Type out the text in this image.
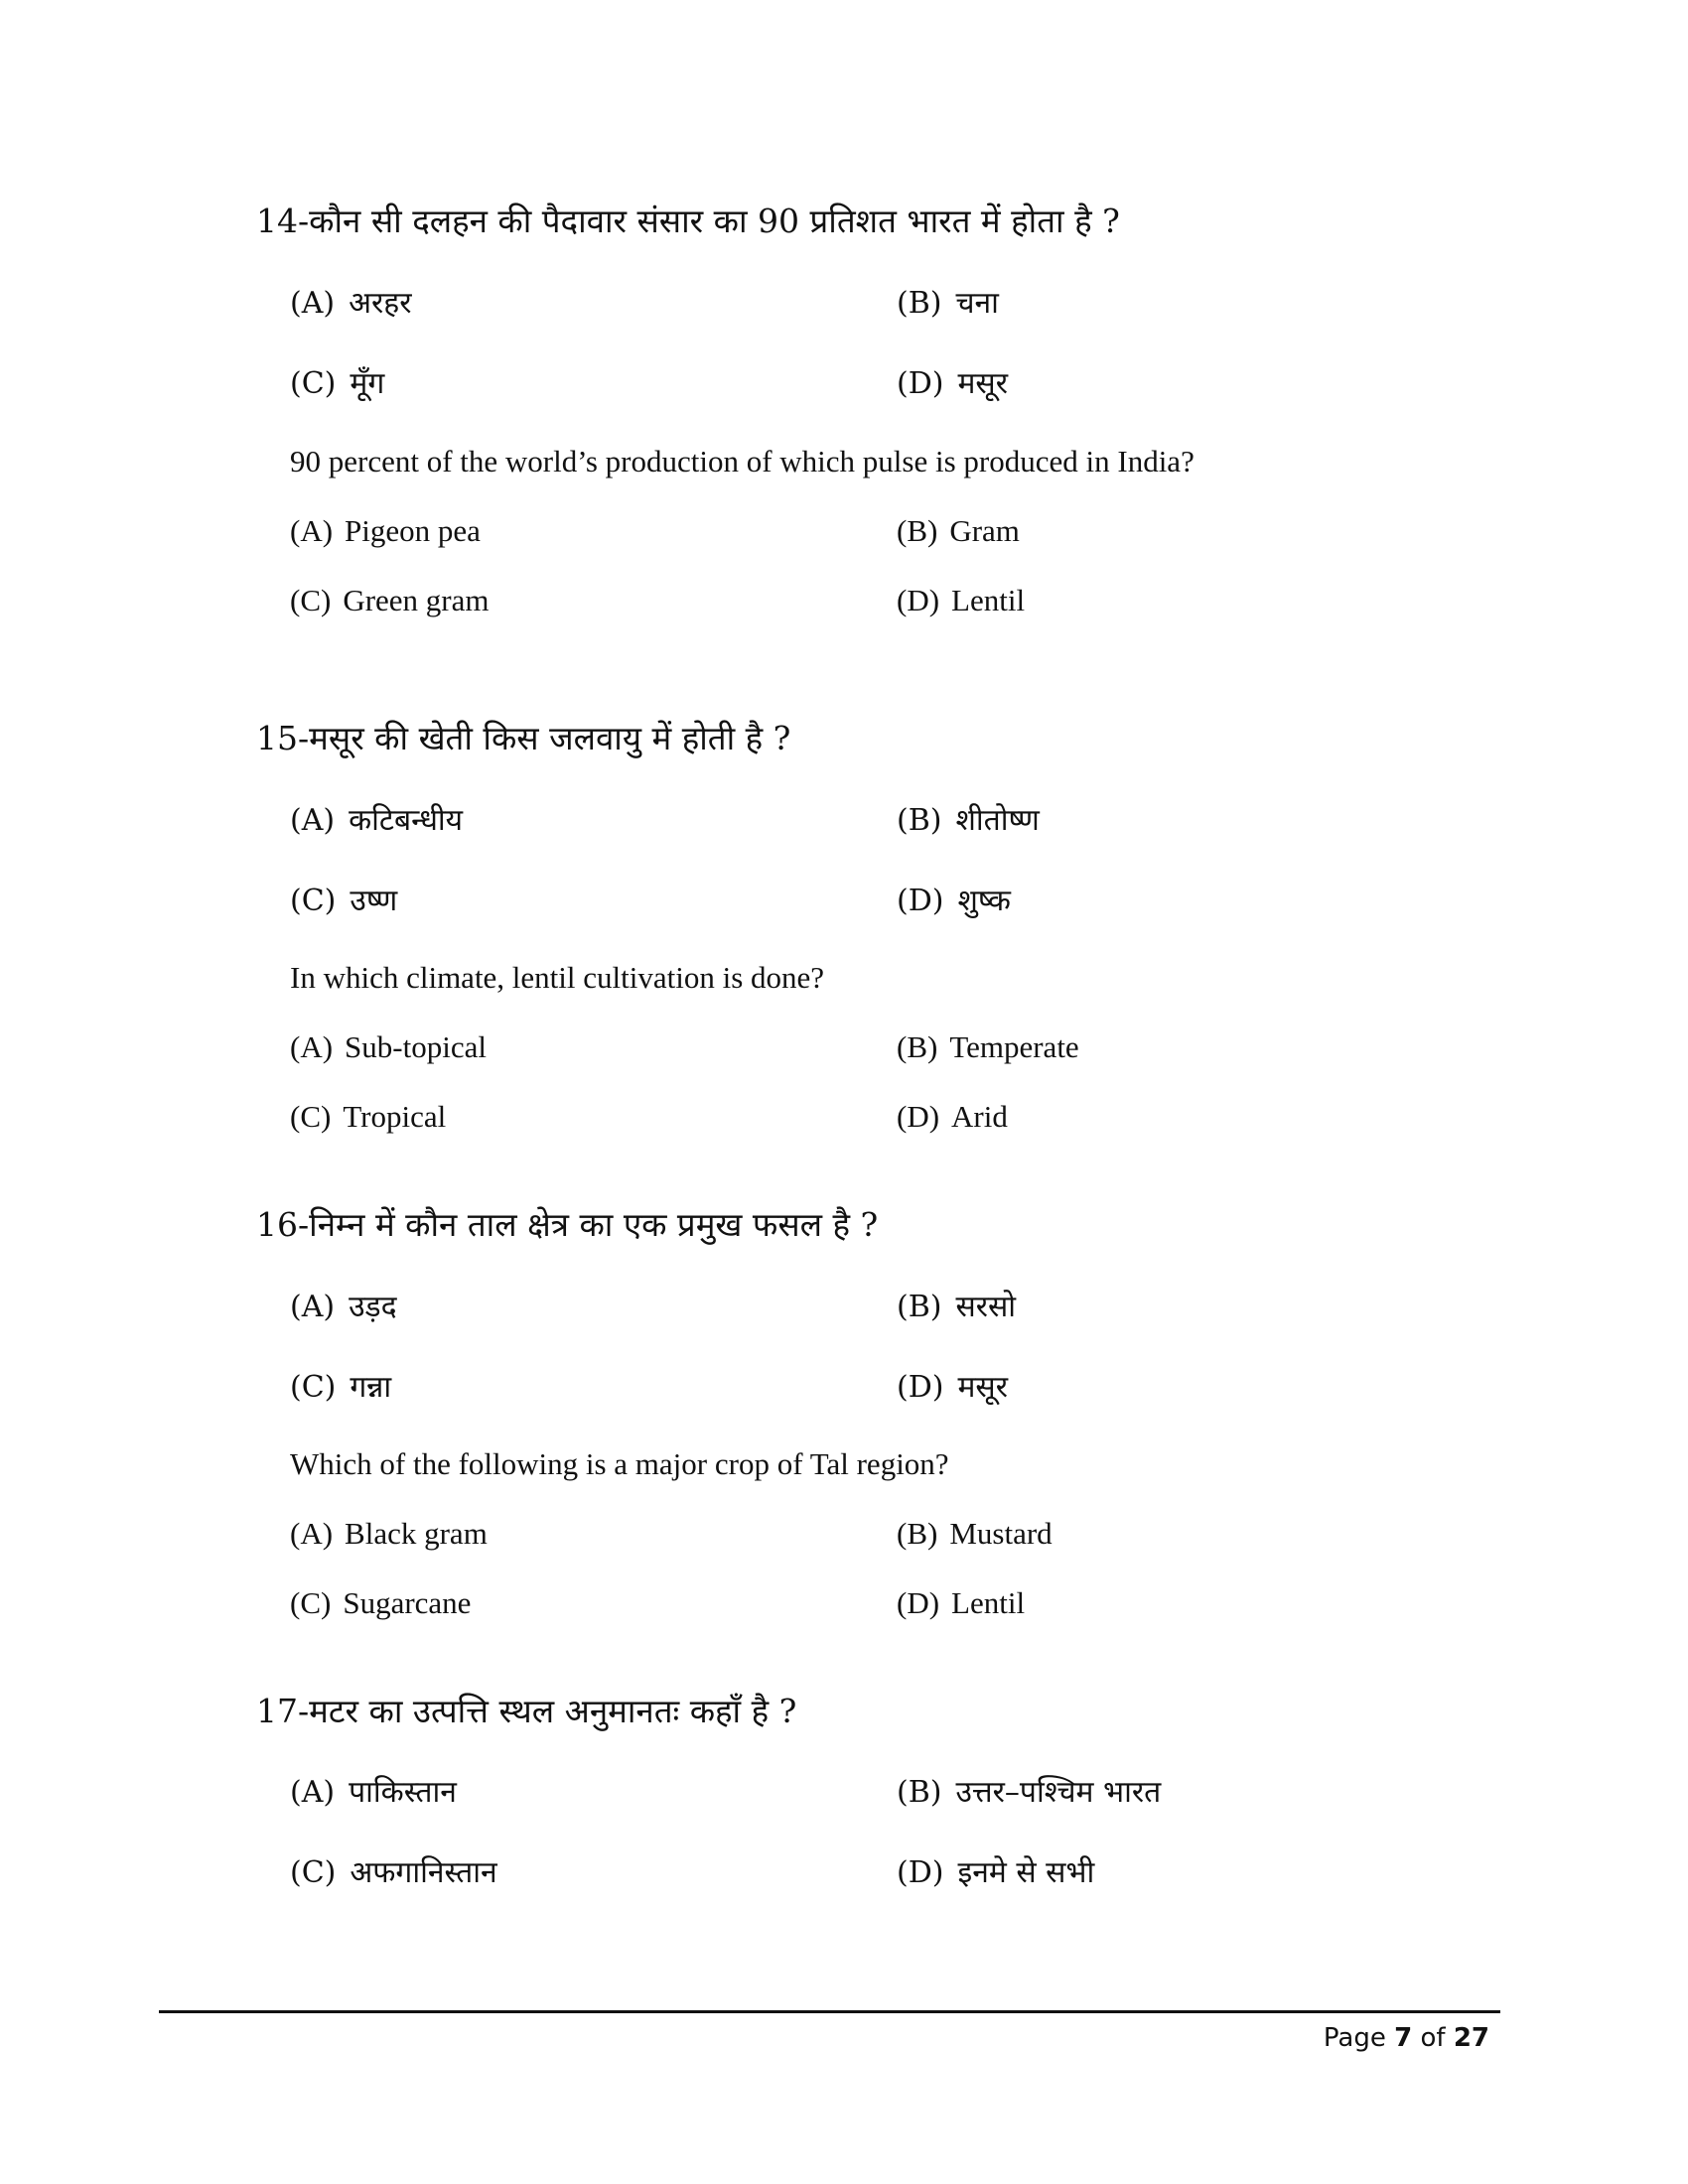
14-कौन सी दलहन की पैदावार संसार का 90 प्रतिशत भारत में होता है ?

(A) अरहर	(B) चना
(C) मूँग	(D) मसूर

90 percent of the world’s production of which pulse is produced in India?

(A) Pigeon pea	(B) Gram
(C) Green gram	(D) Lentil

15-मसूर की खेती किस जलवायु में होती है ?

(A) कटिबन्धीय	(B) शीतोष्ण
(C) उष्ण	(D) शुष्क

In which climate, lentil cultivation is done?

(A) Sub-topical	(B) Temperate
(C) Tropical	(D) Arid

16-निम्न में कौन ताल क्षेत्र का एक प्रमुख फसल है ?

(A) उड़द	(B) सरसो
(C) गन्ना	(D) मसूर

Which of the following is a major crop of Tal region?

(A) Black gram	(B) Mustard
(C) Sugarcane	(D) Lentil

17-मटर का उत्पत्ति स्थल अनुमानतः कहाँ है ?

(A) पाकिस्तान	(B) उत्तर–पश्चिम भारत
(C) अफगानिस्तान	(D) इनमे से सभी
Page 7 of 27
